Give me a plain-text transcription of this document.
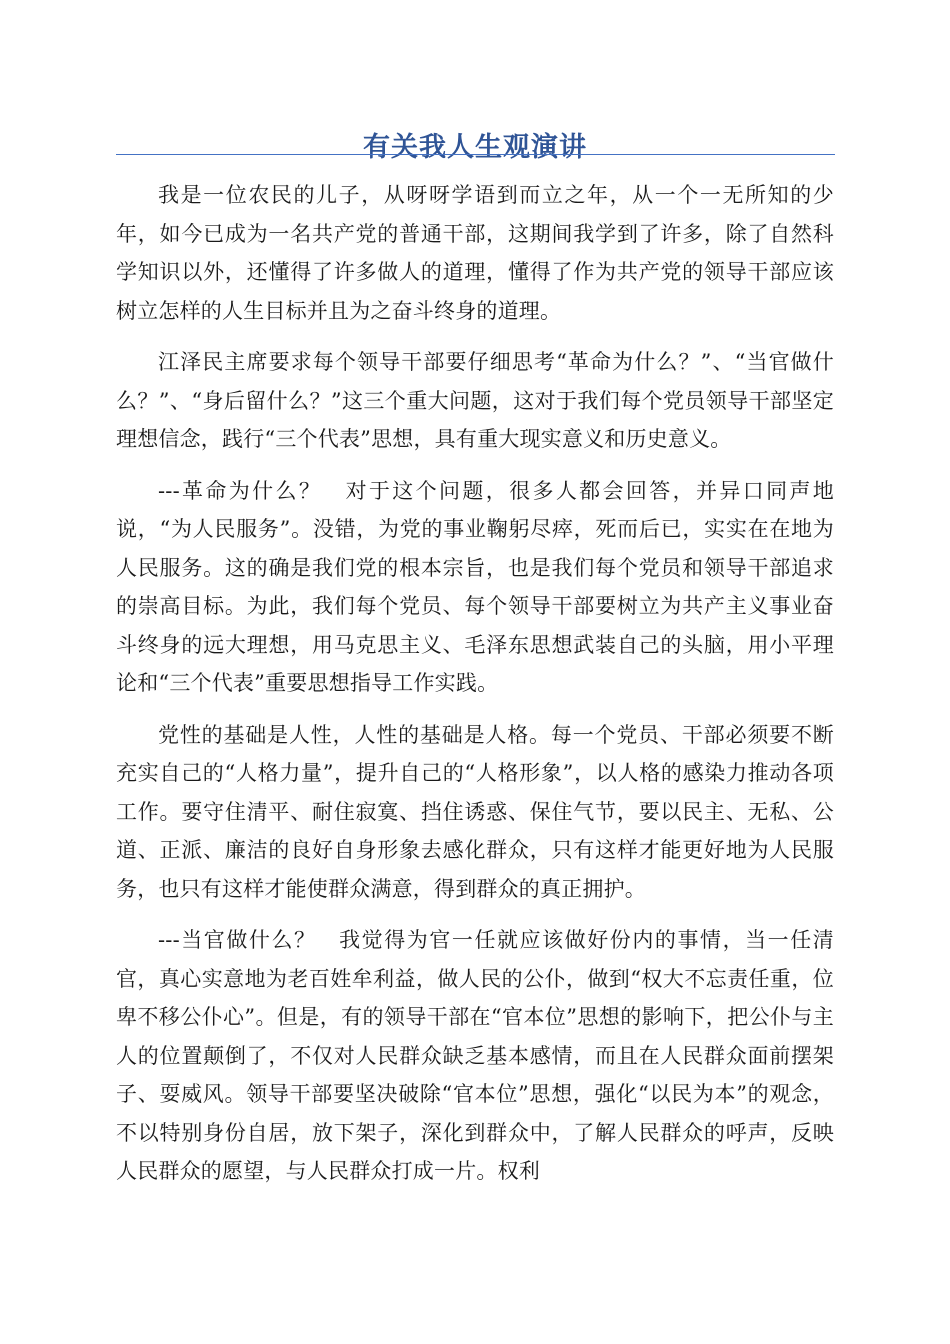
有关我人生观演讲

我是一位农民的儿子，从呀呀学语到而立之年，从一个一无所知的少年，如今已成为一名共产党的普通干部，这期间我学到了许多，除了自然科学知识以外，还懂得了许多做人的道理，懂得了作为共产党的领导干部应该树立怎样的人生目标并且为之奋斗终身的道理。

江泽民主席要求每个领导干部要仔细思考“革命为什么？”、“当官做什么？”、“身后留什么？”这三个重大问题，这对于我们每个党员领导干部坚定理想信念，践行“三个代表”思想，具有重大现实意义和历史意义。

---革命为什么？　对于这个问题，很多人都会回答，并异口同声地说，“为人民服务”。没错，为党的事业鞠躬尽瘁，死而后已，实实在在地为人民服务。这的确是我们党的根本宗旨，也是我们每个党员和领导干部追求的崇高目标。为此，我们每个党员、每个领导干部要树立为共产主义事业奋斗终身的远大理想，用马克思主义、毛泽东思想武装自己的头脑，用小平理论和“三个代表”重要思想指导工作实践。

党性的基础是人性，人性的基础是人格。每一个党员、干部必须要不断充实自己的“人格力量”，提升自己的“人格形象”，以人格的感染力推动各项工作。要守住清平、耐住寂寞、挡住诱惑、保住气节，要以民主、无私、公道、正派、廉洁的良好自身形象去感化群众，只有这样才能更好地为人民服务，也只有这样才能使群众满意，得到群众的真正拥护。

---当官做什么？　我觉得为官一任就应该做好份内的事情，当一任清官，真心实意地为老百姓牟利益，做人民的公仆，做到“权大不忘责任重，位卑不移公仆心”。但是，有的领导干部在“官本位”思想的影响下，把公仆与主人的位置颠倒了，不仅对人民群众缺乏基本感情，而且在人民群众面前摆架子、耍威风。领导干部要坚决破除“官本位”思想，强化“以民为本”的观念，不以特别身份自居，放下架子，深化到群众中，了解人民群众的呼声，反映人民群众的愿望，与人民群众打成一片。权利
